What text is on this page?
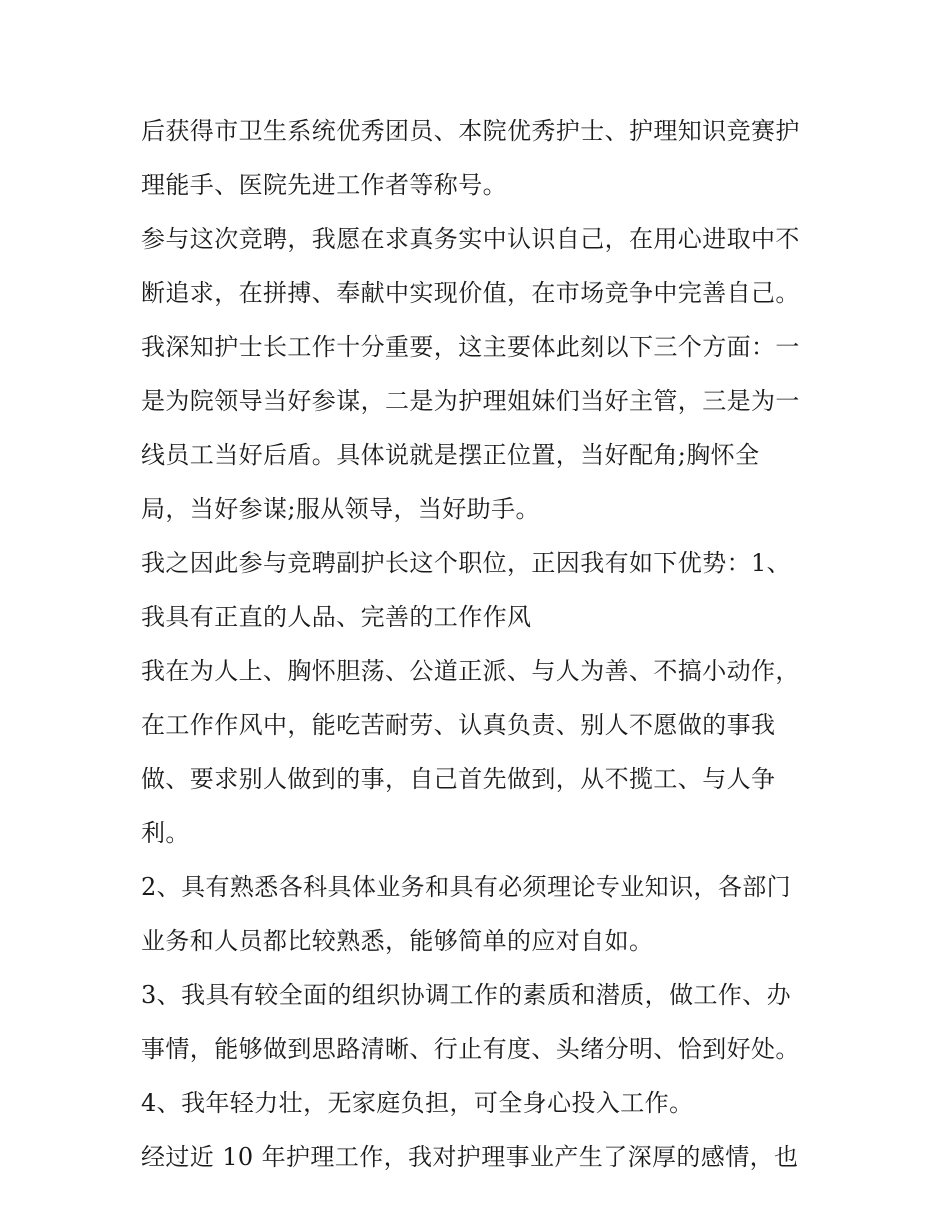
后获得市卫生系统优秀团员、本院优秀护士、护理知识竞赛护
理能手、医院先进工作者等称号。
参与这次竞聘，我愿在求真务实中认识自己，在用心进取中不
断追求，在拼搏、奉献中实现价值，在市场竞争中完善自己。
我深知护士长工作十分重要，这主要体此刻以下三个方面：一
是为院领导当好参谋，二是为护理姐妹们当好主管，三是为一
线员工当好后盾。具体说就是摆正位置，当好配角;胸怀全
局，当好参谋;服从领导，当好助手。
我之因此参与竞聘副护长这个职位，正因我有如下优势：1、
我具有正直的人品、完善的工作作风
我在为人上、胸怀胆荡、公道正派、与人为善、不搞小动作，
在工作作风中，能吃苦耐劳、认真负责、别人不愿做的事我
做、要求别人做到的事，自己首先做到，从不揽工、与人争
利。
2、具有熟悉各科具体业务和具有必须理论专业知识，各部门
业务和人员都比较熟悉，能够简单的应对自如。
3、我具有较全面的组织协调工作的素质和潜质，做工作、办
事情，能够做到思路清晰、行止有度、头绪分明、恰到好处。
4、我年轻力壮，无家庭负担，可全身心投入工作。
经过近 10 年护理工作，我对护理事业产生了深厚的感情，也
